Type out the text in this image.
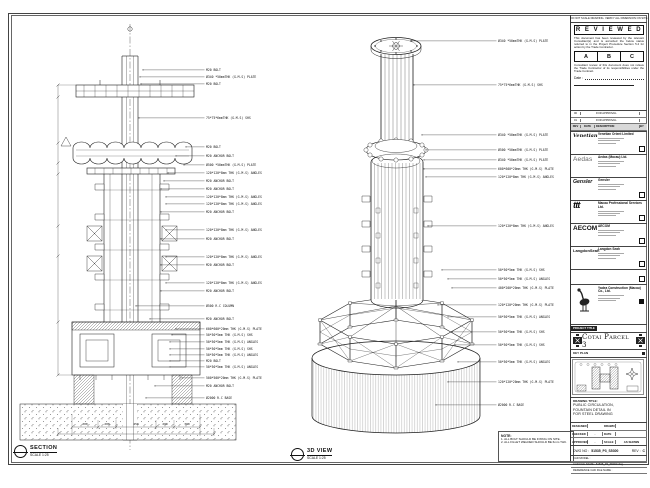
M20 BOLT
Ø340 *50mmTHK (G.M.S) PLATE
M20 BOLT
75*75*6mmTHK (G.M.S) SHS
M20 BOLT
M20 ANCHOR BOLT
Ø500 *50mmTHK (G.M.S) PLATE
120*120*8mm THK (G.M.S) ANGLES
M20 ANCHOR BOLT
M20 ANCHOR BOLT
120*120*8mm THK (G.M.S) ANGLES
120*120*8mm THK (G.M.S) ANGLES
M20 ANCHOR BOLT
120*120*8mm THK (G.M.S) ANGLES
M20 ANCHOR BOLT
120*120*8mm THK (G.M.S) ANGLES
M20 ANCHOR BOLT
120*120*8mm THK (G.M.S) ANGLES
M20 ANCHOR BOLT
Ø500 R.C COLUMN
M20 ANCHOR BOLT
600*600*20mm THK (G.M.S) PLATE
50*50*5mm THK (G.M.S) SHS
50*50*5mm THK (G.M.S) ANGLES
50*50*5mm THK (G.M.S) SHS
50*50*5mm THK (G.M.S) ANGLES
M20 BOLT
50*50*5mm THK (G.M.S) ANGLES
500*500*20mm THK (G.M.S) PLATE
M20 ANCHOR BOLT
Ø2000 R.C BASE
Ø340 *50mmTHK (G.M.S) PLATE
75*75*6mmTHK (G.M.S) SHS
Ø340 *50mmTHK (G.M.S) PLATE
Ø500 *50mmTHK (G.M.S) PLATE
Ø340 *50mmTHK (G.M.S) PLATE
600*600*20mm THK (G.M.S) PLATE
120*120*8mm THK (G.M.S) ANGLES
120*120*8mm THK (G.M.S) ANGLES
50*50*5mm THK (G.M.S) SHS
50*50*5mm THK (G.M.S) ANGLES
400*200*20mm THK (G.M.S) PLATE
120*120*20mm THK (G.M.S) PLATE
50*50*5mm THK (G.M.S) ANGLES
50*50*5mm THK (G.M.S) SHS
50*50*5mm THK (G.M.S) SHS
50*50*5mm THK (G.M.S) ANGLES
120*120*20mm THK (G.M.S) PLATE
Ø2000 R.C BASE
300	200	450	200	300
SECTION
SCALE 1:25
3D VIEW
SCALE 1:25
NOTE:
1. ALL BOLT SHOULD BE FIXING ON SITE.
2. ALL FILLET WELDED SHOULD BE 6mm THK.
DO NOT SCALE DRAWING. VERIFY ALL DIMENSION ON SITE.
R E V I E W E D
This document has been reviewed by the relevant Consultant(s) and is accorded the below status referred to in the Project Procedure Section 5.4 for action by the Trade Contractor.
A	B	C
Consultant review of this document does not relieve the Trade Contractor of its responsibilities under the Trade Contract.
Date :
00	FOR APPROVAL
01	FOR APPROVAL
REV	DATE	DESCRIPTION	BY
Venetian Venetian Orient Limited
Aedas	Aedas (Macau) Ltd.
Gensler	Gensler
ttt	Macau Professional Services Ltd.
AECOM AECOM
LangdonSeah
Langdon Seah
Yadea Construction (Macau) Co., Ltd.
PROJECT TITLE
Cotai Parcel 3
KEY PLAN
DRAWING TITLE:
PUBLIC CIRCULATION,
FOUNTAIN DETAIL IN
FOR STEEL DRAWING
DESIGNED	DRAWN
CHECKED	-	DATE
APPROVED	-	SCALE	AS SHOWN
DWG NO : 51535_P3_S5300	REV : C
CAD MODEL :
CAD FILE NAME : 51535_P3_S5300.dwg
REFERENCE CAD FILE NAME :
